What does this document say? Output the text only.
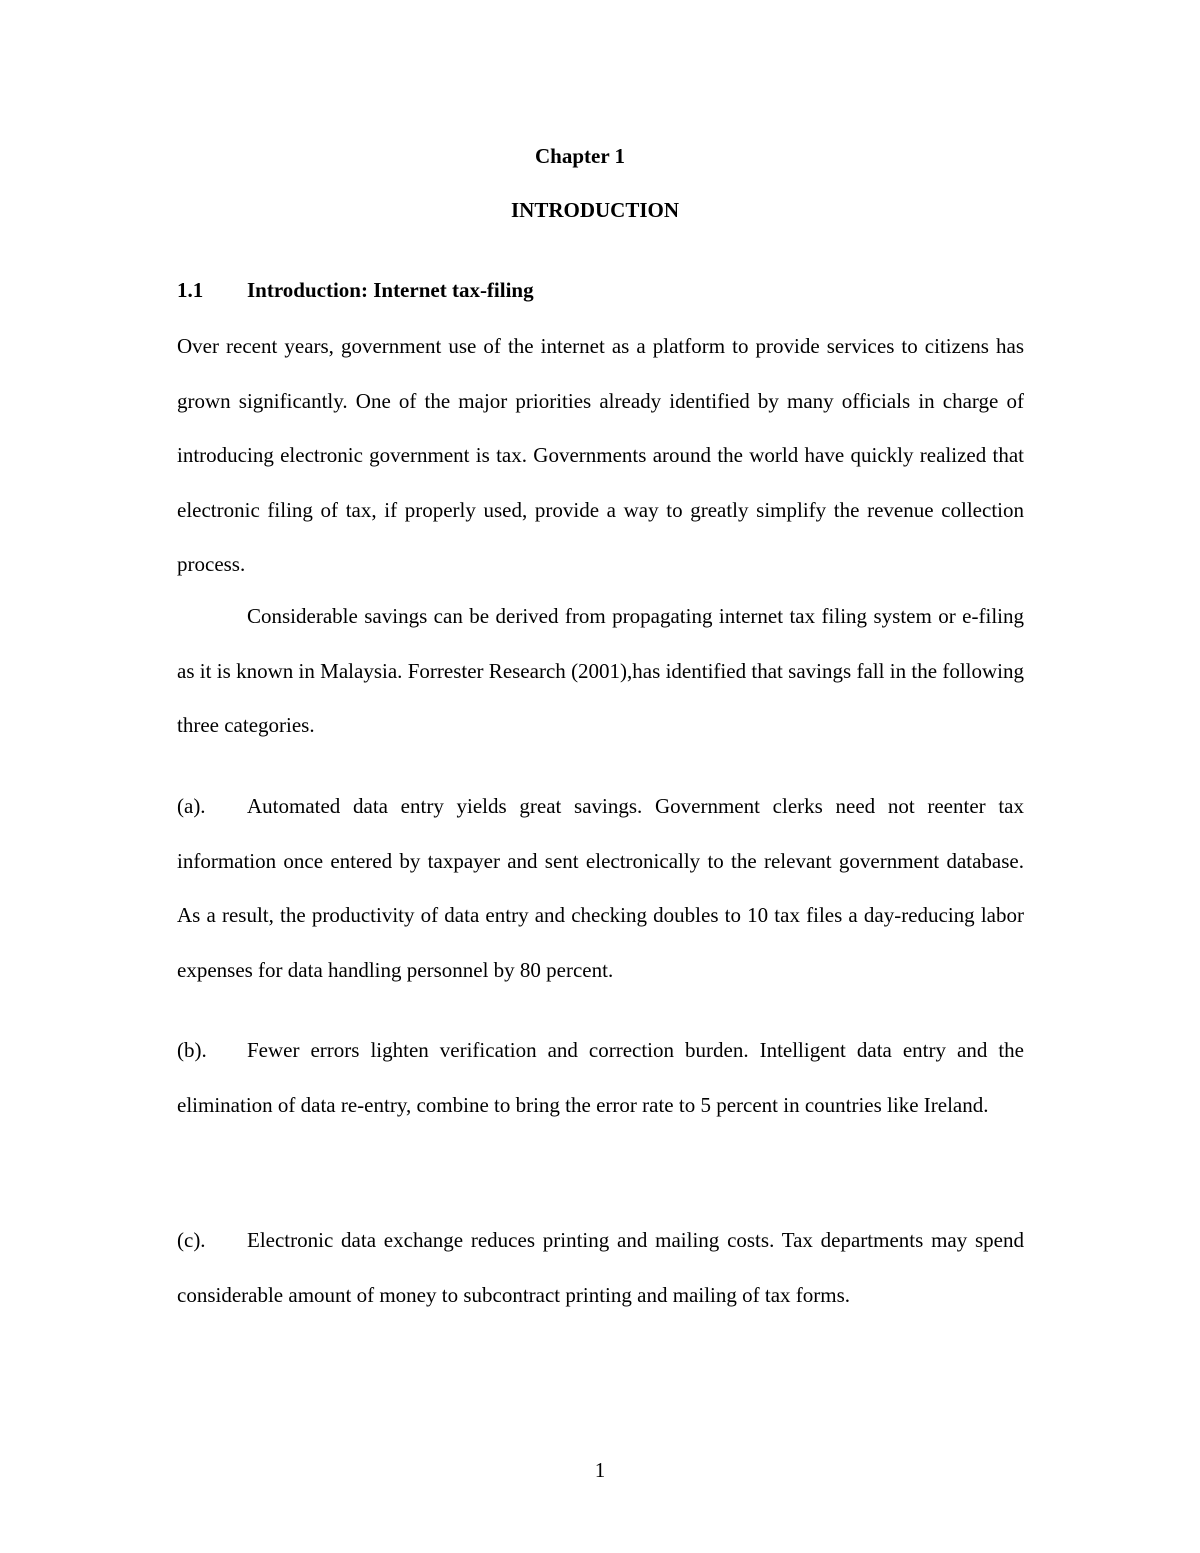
Chapter 1
INTRODUCTION
1.1 Introduction: Internet tax-filing

Over recent years, government use of the internet as a platform to provide services to citizens has grown significantly. One of the major priorities already identified by many officials in charge of introducing electronic government is tax. Governments around the world have quickly realized that electronic filing of tax, if properly used, provide a way to greatly simplify the revenue collection process.

Considerable savings can be derived from propagating internet tax filing system or e-filing as it is known in Malaysia. Forrester Research (2001),has identified that savings fall in the following three categories.

(a). Automated data entry yields great savings. Government clerks need not reenter tax information once entered by taxpayer and sent electronically to the relevant government database. As a result, the productivity of data entry and checking doubles to 10 tax files a day-reducing labor expenses for data handling personnel by 80 percent.

(b). Fewer errors lighten verification and correction burden. Intelligent data entry and the elimination of data re-entry, combine to bring the error rate to 5 percent in countries like Ireland.

(c). Electronic data exchange reduces printing and mailing costs. Tax departments may spend considerable amount of money to subcontract printing and mailing of tax forms.

1
